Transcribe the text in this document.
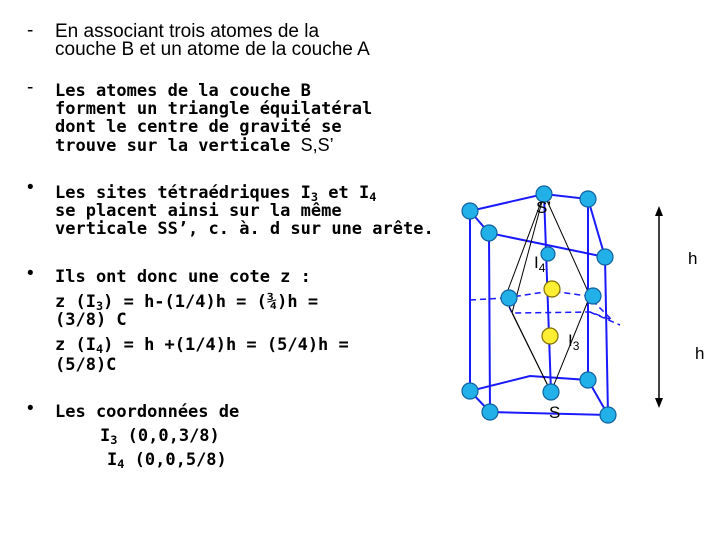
- En associant trois atomes de la
couche B et un atome de la couche A
- Les atomes de la couche B
forment un triangle équilatéral
dont le centre de gravité se
trouve sur la verticale S,S’
• Les sites tétraédriques $I_3$ et $I_4$
se placent ainsi sur la même
verticale SS’, c. à. d sur une arête.
• Ils ont donc une cote z :
z $(I_3) = h-(1/4)h$ = (¾)h =
(3/8) C
z $(I_4) = h +(1/4)h = (5/4)h$ =
(5/8)C
• Les coordonnées de
$I_3$ (0,0,3/8)
$I_4$ (0,0,5/8)
S’
$I_4$
$I_3$
S
h
h
